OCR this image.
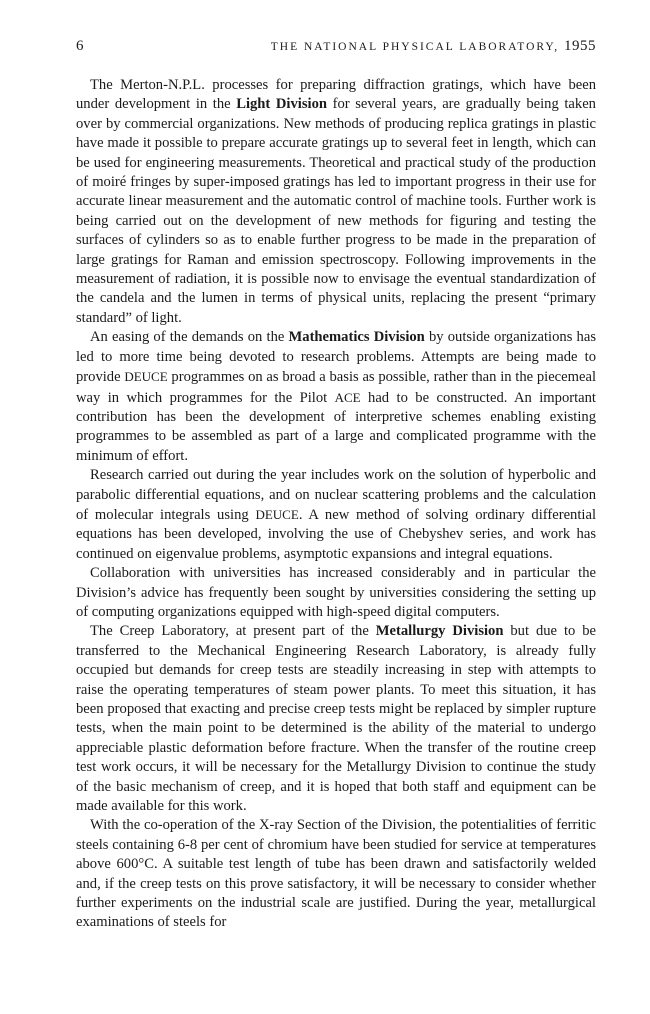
6	THE NATIONAL PHYSICAL LABORATORY, 1955

The Merton-N.P.L. processes for preparing diffraction gratings, which have been under development in the Light Division for several years, are gradually being taken over by commercial organizations. New methods of producing replica gratings in plastic have made it possible to prepare accurate gratings up to several feet in length, which can be used for engineering measurements. Theoretical and practical study of the production of moiré fringes by super-imposed gratings has led to important progress in their use for accurate linear measurement and the automatic control of machine tools. Further work is being carried out on the development of new methods for figuring and testing the surfaces of cylinders so as to enable further progress to be made in the preparation of large gratings for Raman and emission spectroscopy. Following improvements in the measurement of radiation, it is possible now to envisage the eventual standardization of the candela and the lumen in terms of physical units, replacing the present “primary standard” of light.

An easing of the demands on the Mathematics Division by outside organizations has led to more time being devoted to research problems. Attempts are being made to provide DEUCE programmes on as broad a basis as possible, rather than in the piecemeal way in which programmes for the Pilot ACE had to be constructed. An important contribution has been the development of interpretive schemes enabling existing programmes to be assembled as part of a large and complicated programme with the minimum of effort.

Research carried out during the year includes work on the solution of hyperbolic and parabolic differential equations, and on nuclear scattering problems and the calculation of molecular integrals using DEUCE. A new method of solving ordinary differential equations has been developed, involving the use of Chebyshev series, and work has continued on eigenvalue problems, asymptotic expansions and integral equations.

Collaboration with universities has increased considerably and in particular the Division’s advice has frequently been sought by universities considering the setting up of computing organizations equipped with high-speed digital computers.

The Creep Laboratory, at present part of the Metallurgy Division but due to be transferred to the Mechanical Engineering Research Laboratory, is already fully occupied but demands for creep tests are steadily increasing in step with attempts to raise the operating temperatures of steam power plants. To meet this situation, it has been proposed that exacting and precise creep tests might be replaced by simpler rupture tests, when the main point to be determined is the ability of the material to undergo appreciable plastic deformation before fracture. When the transfer of the routine creep test work occurs, it will be necessary for the Metallurgy Division to continue the study of the basic mechanism of creep, and it is hoped that both staff and equipment can be made available for this work.

With the co-operation of the X-ray Section of the Division, the potentialities of ferritic steels containing 6-8 per cent of chromium have been studied for service at temperatures above 600°C. A suitable test length of tube has been drawn and satisfactorily welded and, if the creep tests on this prove satisfactory, it will be necessary to consider whether further experiments on the industrial scale are justified. During the year, metallurgical examinations of steels for
